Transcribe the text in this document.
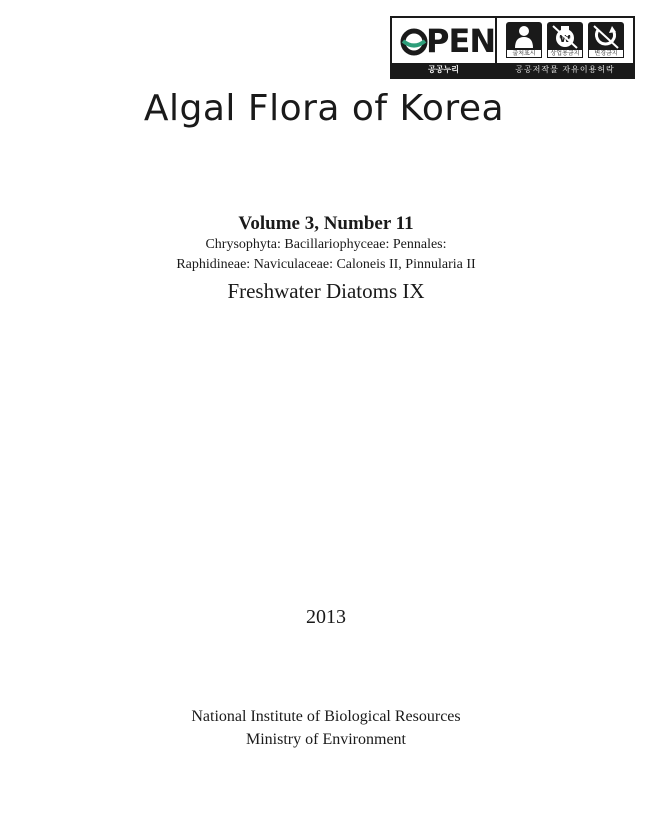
PEN	출처표시
₩
상업용금지	변경금지
공공누리	공공저작물 자유이용허락
Algal Flora of Korea
Volume 3, Number 11
Chrysophyta: Bacillariophyceae: Pennales:
Raphidineae: Naviculaceae: Caloneis II, Pinnularia II
Freshwater Diatoms IX
2013
National Institute of Biological Resources
Ministry of Environment
